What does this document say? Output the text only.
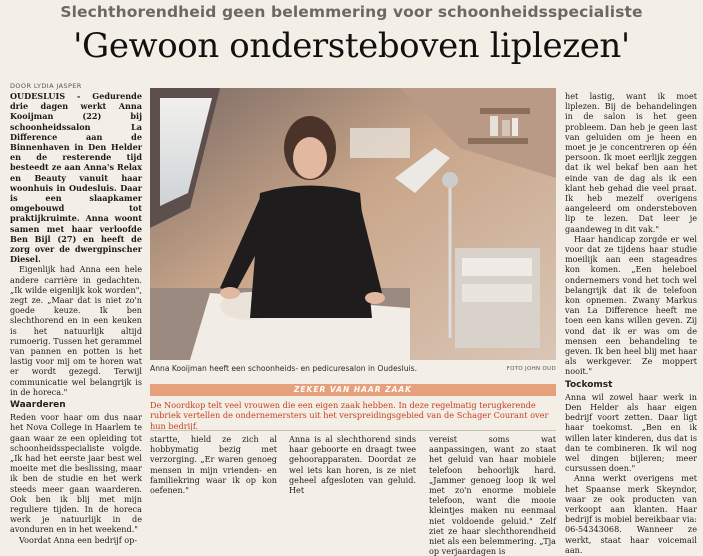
Slechthorendheid geen belemmering voor schoonheidsspecialiste
'Gewoon ondersteboven liplezen'
DOOR LYDIA JASPER

OUDESLUIS - Gedurende drie dagen werkt Anna Kooijman (22) bij schoonheidssalon La Difference aan de Binnenhaven in Den Helder en de resterende tijd besteedt ze aan Anna's Relax en Beauty vanuit haar woonhuis in Oudesluis. Daar is een slaapkamer omgebouwd tot praktijkruimte. Anna woont samen met haar verloofde Ben Bijl (27) en heeft de zorg over de dwergpinscher Diesel.

Eigenlijk had Anna een hele andere carrière in gedachten. „Ik wilde eigenlijk kok worden", zegt ze. „Maar dat is niet zo'n goede keuze. Ik ben slechthorend en in een keuken is het natuurlijk altijd rumoerig. Tussen het gerammel van pannen en potten is het lastig voor mij om te horen wat er wordt gezegd. Terwijl communicatie wel belangrijk is in de horeca."

Waarderen

Reden voor haar om dus naar het Nova College in Haarlem te gaan waar ze een opleiding tot schoonheidsspecialiste volgde. „Ik had het eerste jaar best wel moeite met die beslissing, maar ik ben de studie en het werk steeds meer gaan waarderen. Ook ben ik blij met mijn reguliere tijden. In de horeca werk je natuurlijk in de avonduren en in het weekend."

Voordat Anna een bedrijf op-

Anna Kooijman heeft een schoonheids- en pedicuresalon in Oudesluis.	FOTO JOHN OUD
ZEKER VAN HAAR ZAAK
De Noordkop telt veel vrouwen die een eigen zaak hebben. In deze regelmatig terugkerende rubriek vertellen de ondernemersters uit het verspreidingsgebied van de Schager Courant over hun bedrijf.

startte, hield ze zich al hobbymatig bezig met verzorging. „Er waren genoeg mensen in mijn vrienden- en familiekring waar ik op kon oefenen."

Anna is al slechthorend sinds haar geboorte en draagt twee gehoorapparaten. Doordat ze wel iets kan horen, is ze niet geheel afgesloten van geluid. Het

vereist soms wat aanpassingen, want zo staat het geluid van haar mobiele telefoon behoorlijk hard. „Jammer genoeg loop ik wel met zo'n enorme mobiele telefoon, want die mooie kleintjes maken nu eenmaal niet voldoende geluid." Zelf ziet ze haar slechthorendheid niet als een belemmering. „Tja op verjaardagen is

het lastig, want ik moet liplezen. Bij de behandelingen in de salon is het geen probleem. Dan heb je geen last van geluiden om je heen en moet je je concentreren op één persoon. Ik moet eerlijk zeggen dat ik wel bekaf ben aan het einde van de dag als ik een klant heb gehad die veel praat. Ik heb mezelf overigens aangeleerd om ondersteboven lip te lezen. Dat leer je gaandeweg in dit vak."

Haar handicap zorgde er wel voor dat ze tijdens haar studie moeilijk aan een stageadres kon komen. „Een heleboel ondernemers vond het toch wel belangrijk dat ik de telefoon kon opnemen. Zwany Markus van La Difference heeft me toen een kans willen geven. Zij vond dat ik er was om de mensen een behandeling te geven. Ik ben heel blij met haar als werkgever. Ze moppert nooit."

Tockomst

Anna wil zowel haar werk in Den Helder als haar eigen bedrijf voort zetten. Daar ligt haar toekomst. „Ben en ik willen later kinderen, dus dat is dan te combineren. Ik wil nog wel dingen bijleren; meer cursussen doen."

Anna werkt overigens met het Spaanse merk Skeyndor, waar ze ook producten van verkoopt aan klanten. Haar bedrijf is mobiel bereikbaar via: 06-54343068. Wanneer ze werkt, staat haar voicemail aan.
